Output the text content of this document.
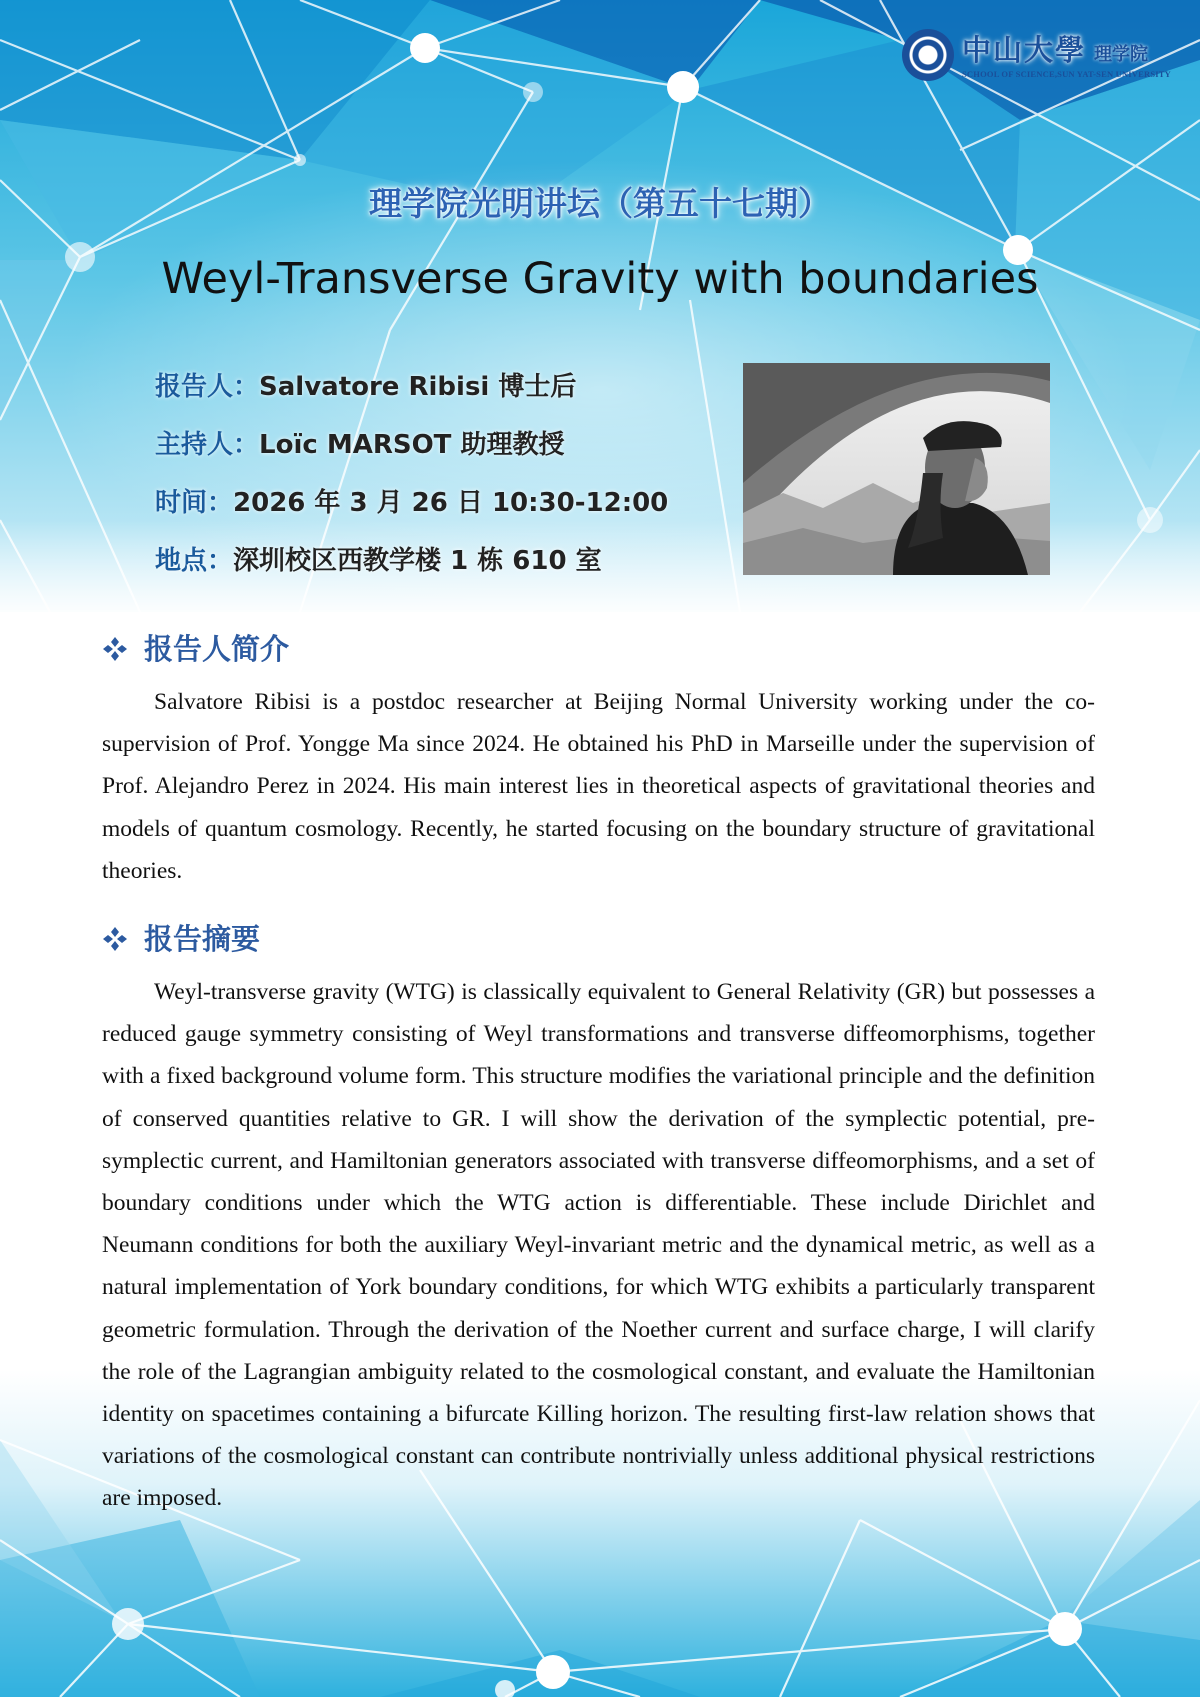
中山大學 理学院
SCHOOL OF SCIENCE,SUN YAT-SEN UNIVERSITY
理学院光明讲坛（第五十七期）
Weyl-Transverse Gravity with boundaries
报告人：Salvatore Ribisi 博士后
主持人：Loïc MARSOT 助理教授
时间：2026 年 3 月 26 日 10:30-12:00
地点：深圳校区西教学楼 1 栋 610 室
报告人简介

Salvatore Ribisi is a postdoc researcher at Beijing Normal University working under the co-supervision of Prof. Yongge Ma since 2024. He obtained his PhD in Marseille under the supervision of Prof. Alejandro Perez in 2024. His main interest lies in theoretical aspects of gravitational theories and models of quantum cosmology. Recently, he started focusing on the boundary structure of gravitational theories.

报告摘要

Weyl-transverse gravity (WTG) is classically equivalent to General Relativity (GR) but possesses a reduced gauge symmetry consisting of Weyl transformations and transverse diffeomorphisms, together with a fixed background volume form. This structure modifies the variational principle and the definition of conserved quantities relative to GR. I will show the derivation of the symplectic potential, pre-symplectic current, and Hamiltonian generators associated with transverse diffeomorphisms, and a set of boundary conditions under which the WTG action is differentiable. These include Dirichlet and Neumann conditions for both the auxiliary Weyl-invariant metric and the dynamical metric, as well as a natural implementation of York boundary conditions, for which WTG exhibits a particularly transparent geometric formulation. Through the derivation of the Noether current and surface charge, I will clarify the role of the Lagrangian ambiguity related to the cosmological constant, and evaluate the Hamiltonian identity on spacetimes containing a bifurcate Killing horizon. The resulting first-law relation shows that variations of the cosmological constant can contribute nontrivially unless additional physical restrictions are imposed.
